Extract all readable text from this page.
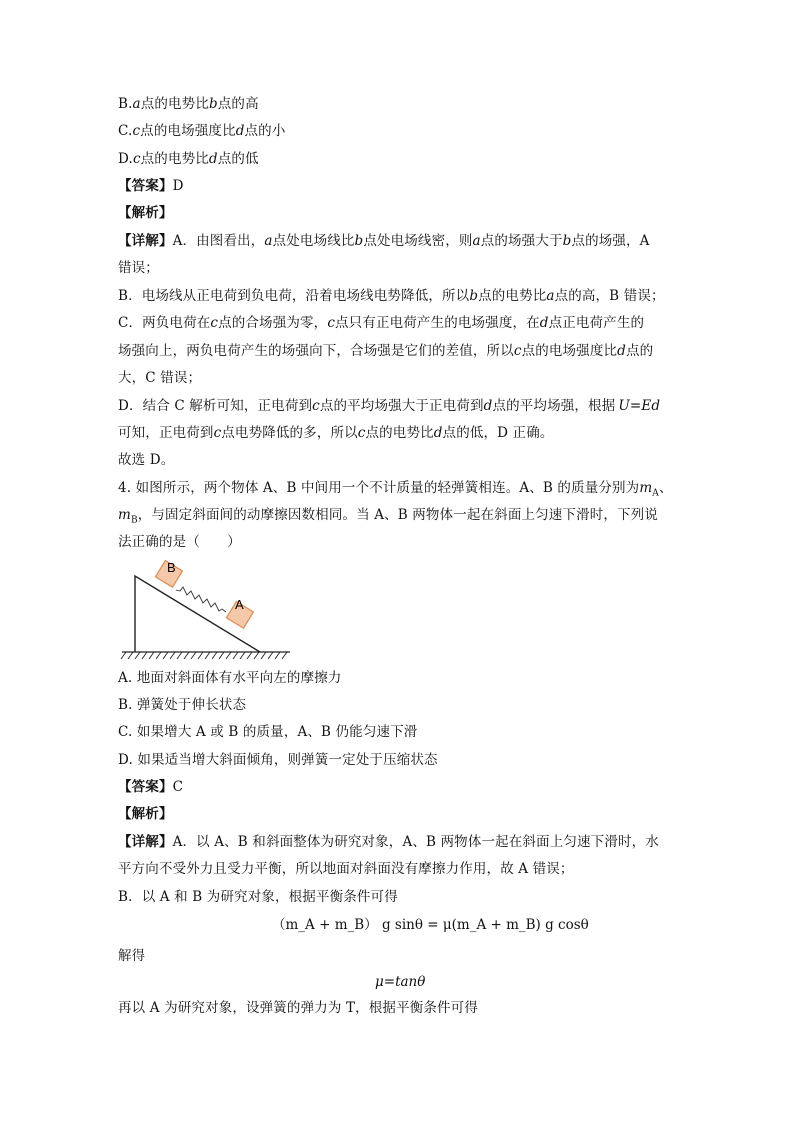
B.a点的电势比b点的高
C.c点的电场强度比d点的小
D.c点的电势比d点的低
【答案】D
【解析】
【详解】A．由图看出，a点处电场线比b点处电场线密，则a点的场强大于b点的场强，A
错误；
B．电场线从正电荷到负电荷，沿着电场线电势降低，所以b点的电势比a点的高，B 错误；
C．两负电荷在c点的合场强为零，c点只有正电荷产生的电场强度，在d点正电荷产生的
场强向上，两负电荷产生的场强向下，合场强是它们的差值，所以c点的电场强度比d点的
大，C 错误；
D．结合 C 解析可知，正电荷到c点的平均场强大于正电荷到d点的平均场强，根据 U=Ed
可知，正电荷到c点电势降低的多，所以c点的电势比d点的低，D 正确。
故选 D。
4. 如图所示，两个物体 A、B 中间用一个不计质量的轻弹簧相连。A、B 的质量分别为$m_A$、
$m_B$，与固定斜面间的动摩擦因数相同。当 A、B 两物体一起在斜面上匀速下滑时，下列说
法正确的是（　　）
B
A
A. 地面对斜面体有水平向左的摩擦力
B. 弹簧处于伸长状态
C. 如果增大 A 或 B 的质量，A、B 仍能匀速下滑
D. 如果适当增大斜面倾角，则弹簧一定处于压缩状态
【答案】C
【解析】
【详解】A．以 A、B 和斜面整体为研究对象，A、B 两物体一起在斜面上匀速下滑时，水
平方向不受外力且受力平衡，所以地面对斜面没有摩擦力作用，故 A 错误；
B．以 A 和 B 为研究对象，根据平衡条件可得
（m_A + m_B） g sinθ = μ(m_A + m_B) g cosθ
解得
μ=tanθ
再以 A 为研究对象，设弹簧的弹力为 T，根据平衡条件可得
